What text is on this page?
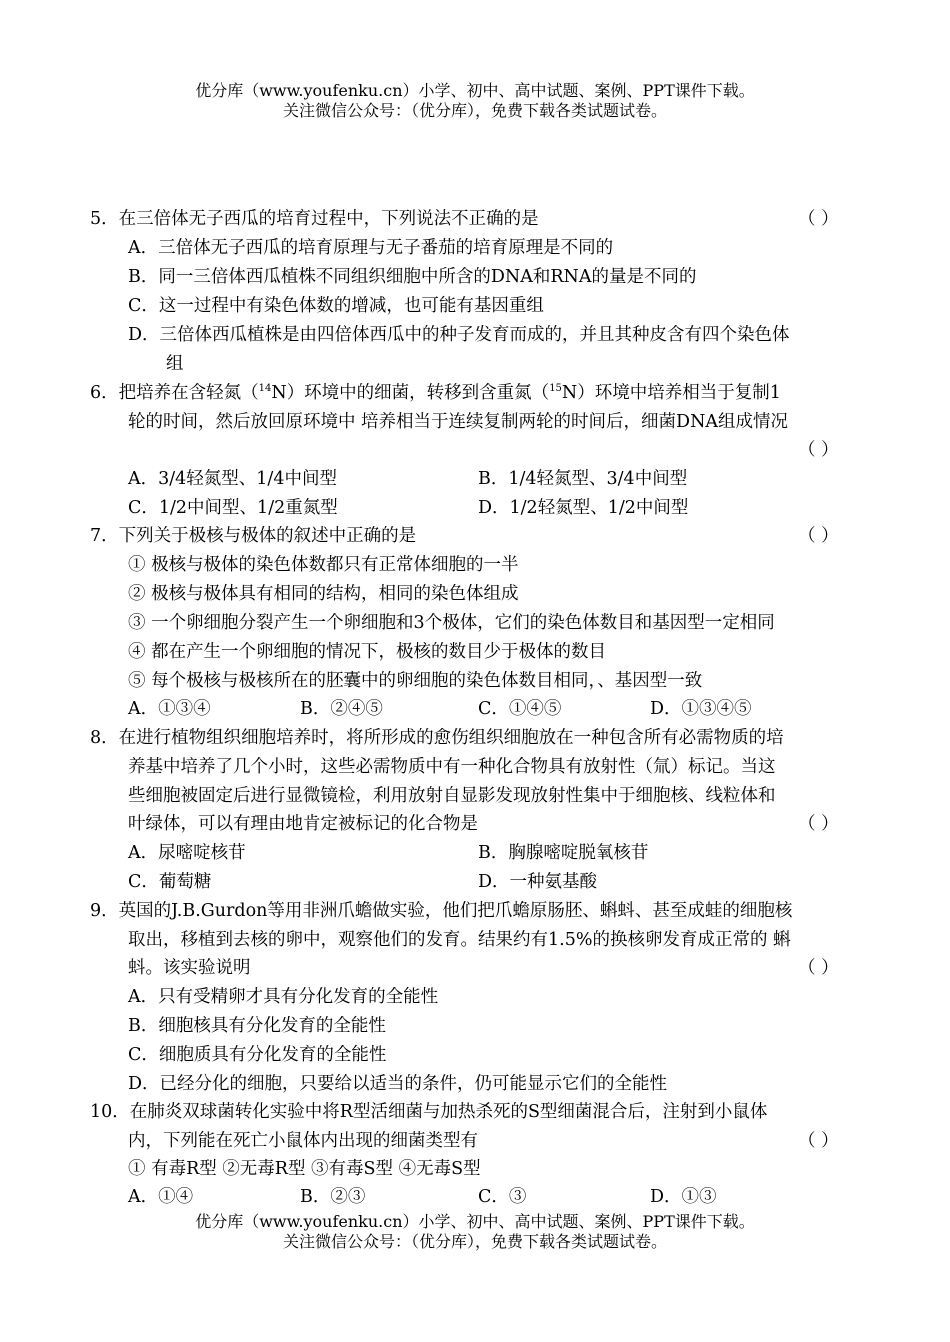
优分库（www.youfenku.cn）小学、初中、高中试题、案例、PPT课件下载。
关注微信公众号：（优分库），免费下载各类试题试卷。
5．在三倍体无子西瓜的培育过程中，下列说法不正确的是	（ ）
A．三倍体无子西瓜的培育原理与无子番茄的培育原理是不同的
B．同一三倍体西瓜植株不同组织细胞中所含的DNA和RNA的量是不同的
C．这一过程中有染色体数的增减，也可能有基因重组
D．三倍体西瓜植株是由四倍体西瓜中的种子发育而成的，并且其种皮含有四个染色体
组
6．把培养在含轻氮（$^{14}$N）环境中的细菌，转移到含重氮（$^{15}$N）环境中培养相当于复制1
轮的时间，然后放回原环境中 培养相当于连续复制两轮的时间后，细菌DNA组成情况
（ ）
A．3/4轻氮型、1/4中间型	B．1/4轻氮型、3/4中间型
C．1/2中间型、1/2重氮型	D．1/2轻氮型、1/2中间型
7．下列关于极核与极体的叙述中正确的是	（ ）
① 极核与极体的染色体数都只有正常体细胞的一半
② 极核与极体具有相同的结构，相同的染色体组成
③ 一个卵细胞分裂产生一个卵细胞和3个极体，它们的染色体数目和基因型一定相同
④ 都在产生一个卵细胞的情况下，极核的数目少于极体的数目
⑤ 每个极核与极核所在的胚囊中的卵细胞的染色体数目相同，、基因型一致
A．①③④	B．②④⑤	C．①④⑤	D．①③④⑤
8．在进行植物组织细胞培养时，将所形成的愈伤组织细胞放在一种包含所有必需物质的培
养基中培养了几个小时，这些必需物质中有一种化合物具有放射性（氚）标记。当这
些细胞被固定后进行显微镜检，利用放射自显影发现放射性集中于细胞核、线粒体和
叶绿体，可以有理由地肯定被标记的化合物是	（ ）
A．尿嘧啶核苷	B．胸腺嘧啶脱氧核苷
C．葡萄糖	D．一种氨基酸
9．英国的J.B.Gurdon等用非洲爪蟾做实验，他们把爪蟾原肠胚、蝌蚪、甚至成蛙的细胞核
取出，移植到去核的卵中，观察他们的发育。结果约有1.5%的换核卵发育成正常的 蝌
蚪。该实验说明	（ ）
A．只有受精卵才具有分化发育的全能性
B．细胞核具有分化发育的全能性
C．细胞质具有分化发育的全能性
D．已经分化的细胞，只要给以适当的条件，仍可能显示它们的全能性
10．在肺炎双球菌转化实验中将R型活细菌与加热杀死的S型细菌混合后，注射到小鼠体
内，下列能在死亡小鼠体内出现的细菌类型有	（ ）
① 有毒R型 ②无毒R型 ③有毒S型 ④无毒S型
A．①④	B．②③	C．③	D．①③
优分库（www.youfenku.cn）小学、初中、高中试题、案例、PPT课件下载。
关注微信公众号：（优分库），免费下载各类试题试卷。
